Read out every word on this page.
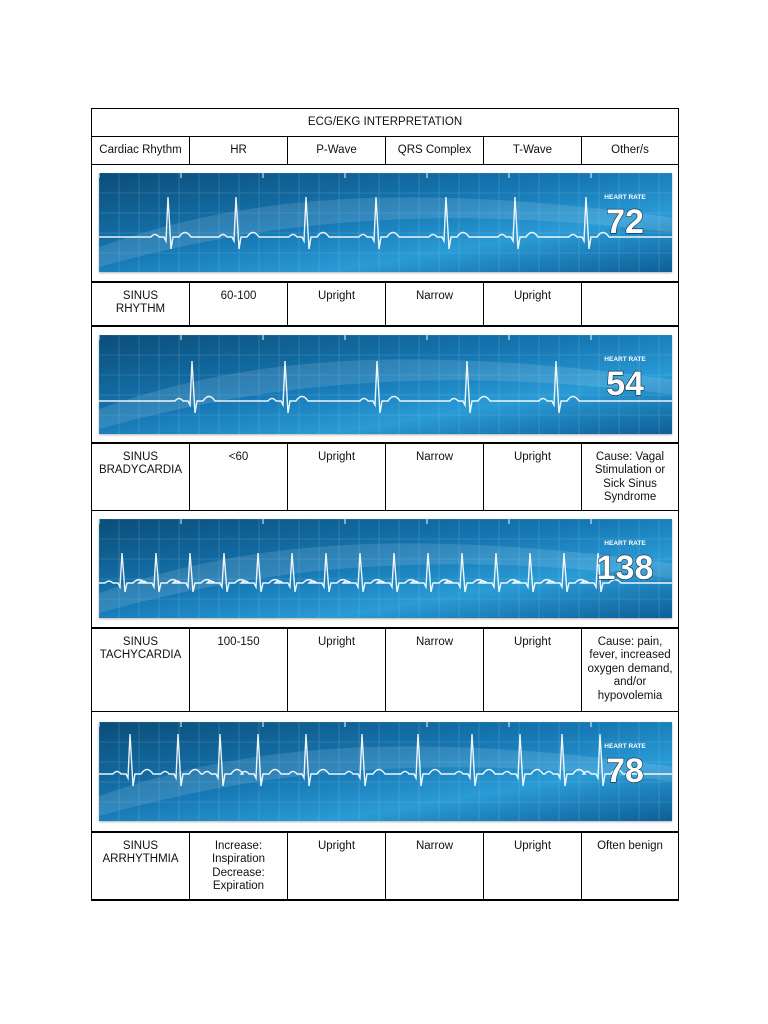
ECG/EKG INTERPRETATION					
Cardiac Rhythm	HR	P-Wave	QRS Complex	T-Wave	Other/s

HEART RATE
72					

SINUS
RHYTHM	60-100	Upright	Narrow	Upright	

HEART RATE
54					

SINUS
BRADYCARDIA	<60	Upright	Narrow	Upright	Cause: Vagal
Stimulation or
Sick Sinus
Syndrome

HEART RATE
138					

SINUS
TACHYCARDIA	100-150	Upright	Narrow	Upright	Cause: pain,
fever, increased
oxygen demand,
and/or
hypovolemia

HEART RATE
78					

SINUS
ARRHYTHMIA	Increase:
Inspiration
Decrease:
Expiration	Upright	Narrow	Upright	Often benign
